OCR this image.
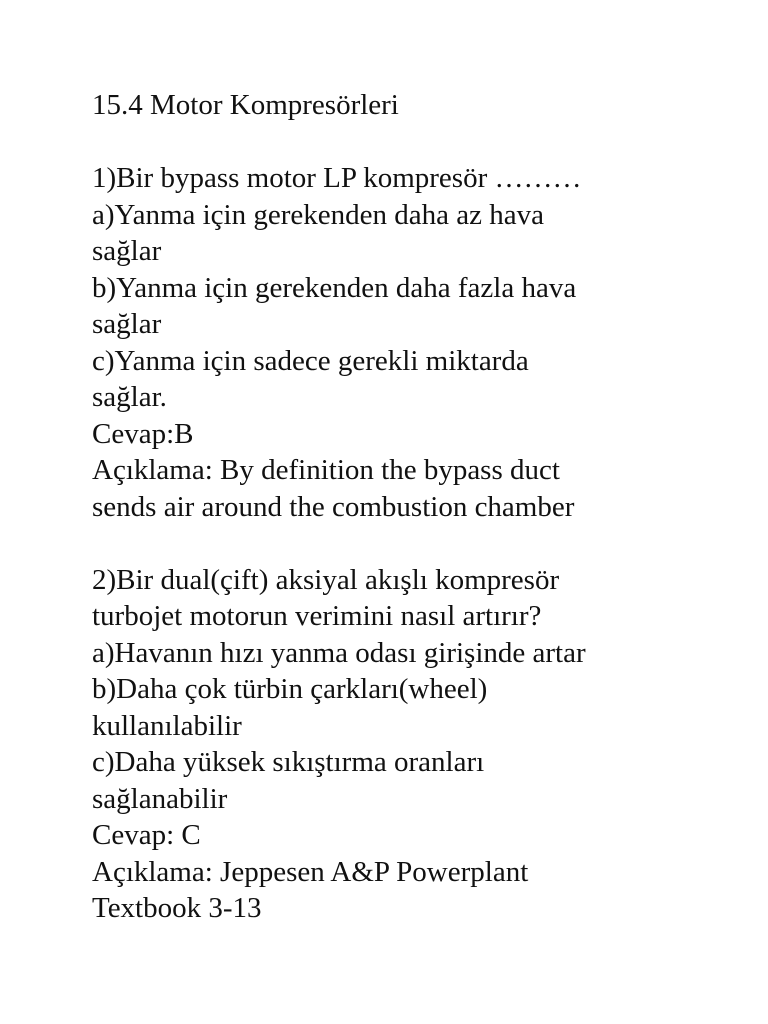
15.4 Motor Kompresörleri
1)Bir bypass motor LP kompresör ………
a)Yanma için gerekenden daha az hava
sağlar
b)Yanma için gerekenden daha fazla hava
sağlar
c)Yanma için sadece gerekli miktarda
sağlar.
Cevap:B
Açıklama: By definition the bypass duct
sends air around the combustion chamber
2)Bir dual(çift) aksiyal akışlı kompresör
turbojet motorun verimini nasıl artırır?
a)Havanın hızı yanma odası girişinde artar
b)Daha çok türbin çarkları(wheel)
kullanılabilir
c)Daha yüksek sıkıştırma oranları
sağlanabilir
Cevap: C
Açıklama: Jeppesen A&P Powerplant
Textbook 3-13
